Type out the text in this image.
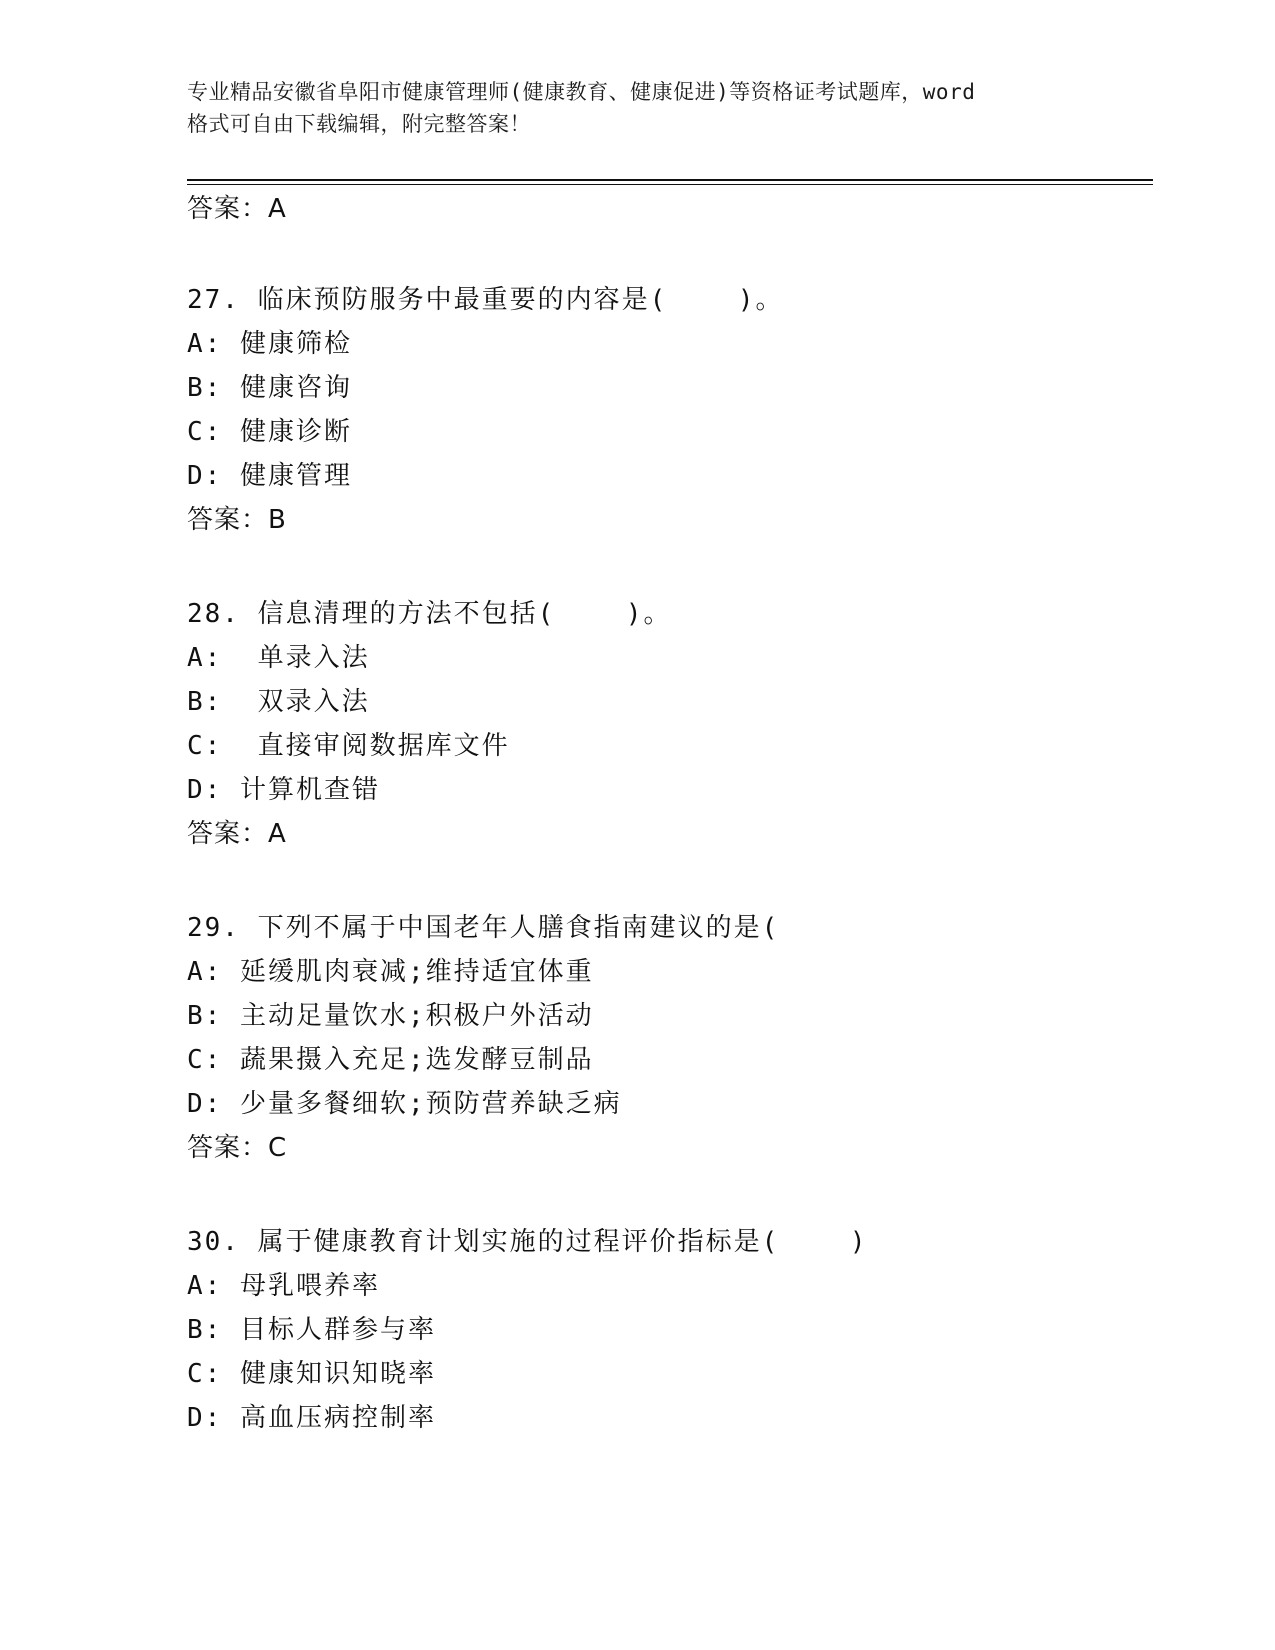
专业精品安徽省阜阳市健康管理师(健康教育、健康促进)等资格证考试题库，word
格式可自由下载编辑，附完整答案！
答案：A
27. 临床预防服务中最重要的内容是(    )。
A: 健康筛检
B: 健康咨询
C: 健康诊断
D: 健康管理
答案：B
28. 信息清理的方法不包括(    )。
A:  单录入法
B:  双录入法
C:  直接审阅数据库文件
D: 计算机查错
答案：A
29. 下列不属于中国老年人膳食指南建议的是(
A: 延缓肌肉衰减;维持适宜体重
B: 主动足量饮水;积极户外活动
C: 蔬果摄入充足;选发酵豆制品
D: 少量多餐细软;预防营养缺乏病
答案：C
30. 属于健康教育计划实施的过程评价指标是(    )
A: 母乳喂养率
B: 目标人群参与率
C: 健康知识知晓率
D: 高血压病控制率
